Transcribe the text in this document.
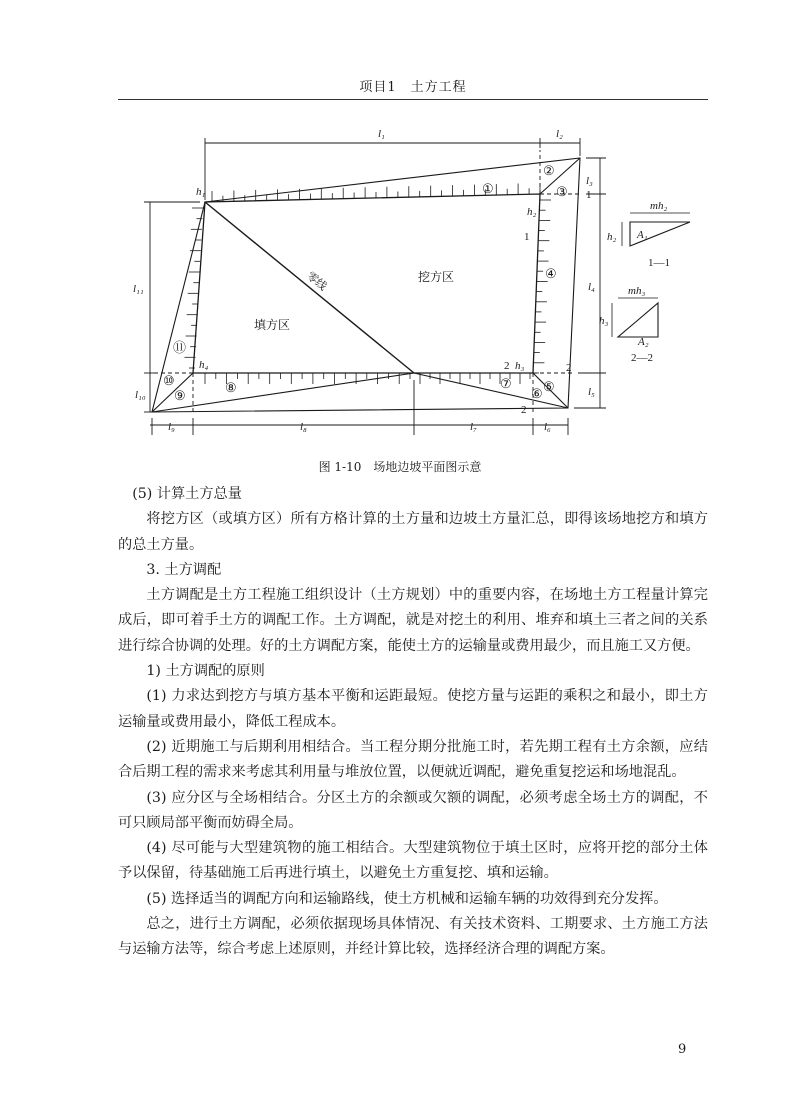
项目1　土方工程
l₁	l₂
l₃
l₄
l₅
l₆
l₇
l₈
l₉
l₁₀
l₁₁
h₁
h₂
h₃
h₄
零线	挖方区
填方区
①
②
③
④
⑤
⑥
⑦
⑧
⑨
⑩
⑪
1
1
2	2
2
mh₂
h₂ A₁
1—1
mh₃
h₃
A₂
2—2
图 1-10　场地边坡平面图示意

(5) 计算土方总量

将挖方区（或填方区）所有方格计算的土方量和边坡土方量汇总，即得该场地挖方和填方的总土方量。

3. 土方调配

土方调配是土方工程施工组织设计（土方规划）中的重要内容，在场地土方工程量计算完成后，即可着手土方的调配工作。土方调配，就是对挖土的利用、堆弃和填土三者之间的关系进行综合协调的处理。好的土方调配方案，能使土方的运输量或费用最少，而且施工又方便。

1) 土方调配的原则

(1) 力求达到挖方与填方基本平衡和运距最短。使挖方量与运距的乘积之和最小，即土方运输量或费用最小，降低工程成本。

(2) 近期施工与后期利用相结合。当工程分期分批施工时，若先期工程有土方余额，应结合后期工程的需求来考虑其利用量与堆放位置，以便就近调配，避免重复挖运和场地混乱。

(3) 应分区与全场相结合。分区土方的余额或欠额的调配，必须考虑全场土方的调配，不可只顾局部平衡而妨碍全局。

(4) 尽可能与大型建筑物的施工相结合。大型建筑物位于填土区时，应将开挖的部分土体予以保留，待基础施工后再进行填土，以避免土方重复挖、填和运输。

(5) 选择适当的调配方向和运输路线，使土方机械和运输车辆的功效得到充分发挥。

总之，进行土方调配，必须依据现场具体情况、有关技术资料、工期要求、土方施工方法与运输方法等，综合考虑上述原则，并经计算比较，选择经济合理的调配方案。

9
